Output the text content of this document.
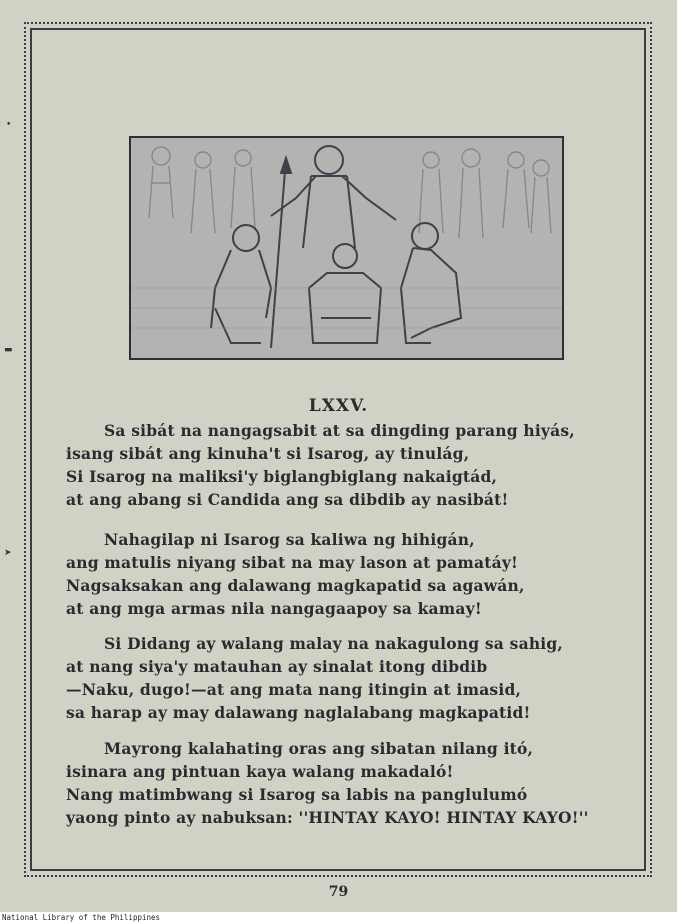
•
▬
➤
LXXV.
Sa sibát na nangagsabit at sa dingding parang hiyás,
isang sibát ang kinuha't si Isarog, ay tinulág,
Si Isarog na maliksi'y biglangbiglang nakaigtád,
at ang abang si Candida ang sa dibdib ay nasibát!
Nahagilap ni Isarog sa kaliwa ng hihigán,
ang matulis niyang sibat na may lason at pamatáy!
Nagsaksakan ang dalawang magkapatid sa agawán,
at ang mga armas nila nangagaapoy sa kamay!
Si Didang ay walang malay na nakagulong sa sahig,
at nang siya'y matauhan ay sinalat itong dibdib
—Naku, dugo!—at ang mata nang itingin at imasid,
sa harap ay may dalawang naglalabang magkapatid!
Mayrong kalahating oras ang sibatan nilang itó,
isinara ang pintuan kaya walang makadaló!
Nang matimbwang si Isarog sa labis na panglulumó
yaong pinto ay nabuksan: ''HINTAY KAYO! HINTAY KAYO!''
79
National Library of the Philippines
